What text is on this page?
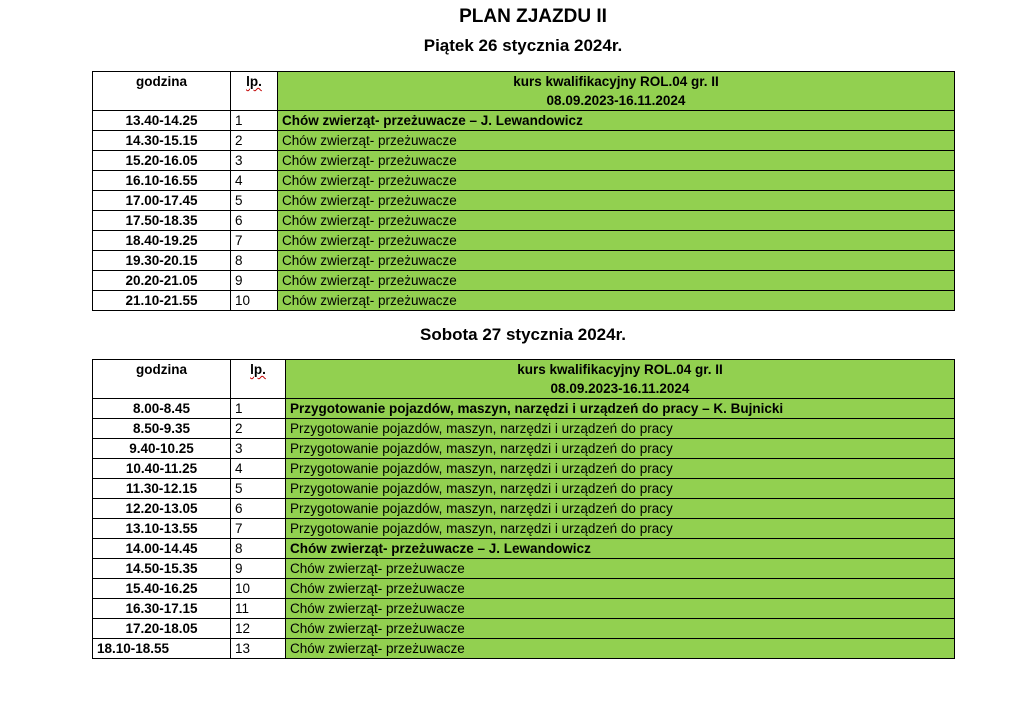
PLAN ZJAZDU II
Piątek 26 stycznia 2024r.
godzina	lp.	kurs kwalifikacyjny ROL.04 gr. II
08.09.2023-16.11.2024

13.40-14.25	1	Chów zwierząt- przeżuwacze – J. Lewandowicz
14.30-15.15	2	Chów zwierząt- przeżuwacze
15.20-16.05	3	Chów zwierząt- przeżuwacze
16.10-16.55	4	Chów zwierząt- przeżuwacze
17.00-17.45	5	Chów zwierząt- przeżuwacze
17.50-18.35	6	Chów zwierząt- przeżuwacze
18.40-19.25	7	Chów zwierząt- przeżuwacze
19.30-20.15	8	Chów zwierząt- przeżuwacze
20.20-21.05	9	Chów zwierząt- przeżuwacze
21.10-21.55	10	Chów zwierząt- przeżuwacze
Sobota 27 stycznia 2024r.
godzina	lp.	kurs kwalifikacyjny ROL.04 gr. II
08.09.2023-16.11.2024

8.00-8.45	1	Przygotowanie pojazdów, maszyn, narzędzi i urządzeń do pracy – K. Bujnicki
8.50-9.35	2	Przygotowanie pojazdów, maszyn, narzędzi i urządzeń do pracy
9.40-10.25	3	Przygotowanie pojazdów, maszyn, narzędzi i urządzeń do pracy
10.40-11.25	4	Przygotowanie pojazdów, maszyn, narzędzi i urządzeń do pracy
11.30-12.15	5	Przygotowanie pojazdów, maszyn, narzędzi i urządzeń do pracy
12.20-13.05	6	Przygotowanie pojazdów, maszyn, narzędzi i urządzeń do pracy
13.10-13.55	7	Przygotowanie pojazdów, maszyn, narzędzi i urządzeń do pracy
14.00-14.45	8	Chów zwierząt- przeżuwacze – J. Lewandowicz
14.50-15.35	9	Chów zwierząt- przeżuwacze
15.40-16.25	10	Chów zwierząt- przeżuwacze
16.30-17.15	11	Chów zwierząt- przeżuwacze
17.20-18.05	12	Chów zwierząt- przeżuwacze
18.10-18.55	13	Chów zwierząt- przeżuwacze
